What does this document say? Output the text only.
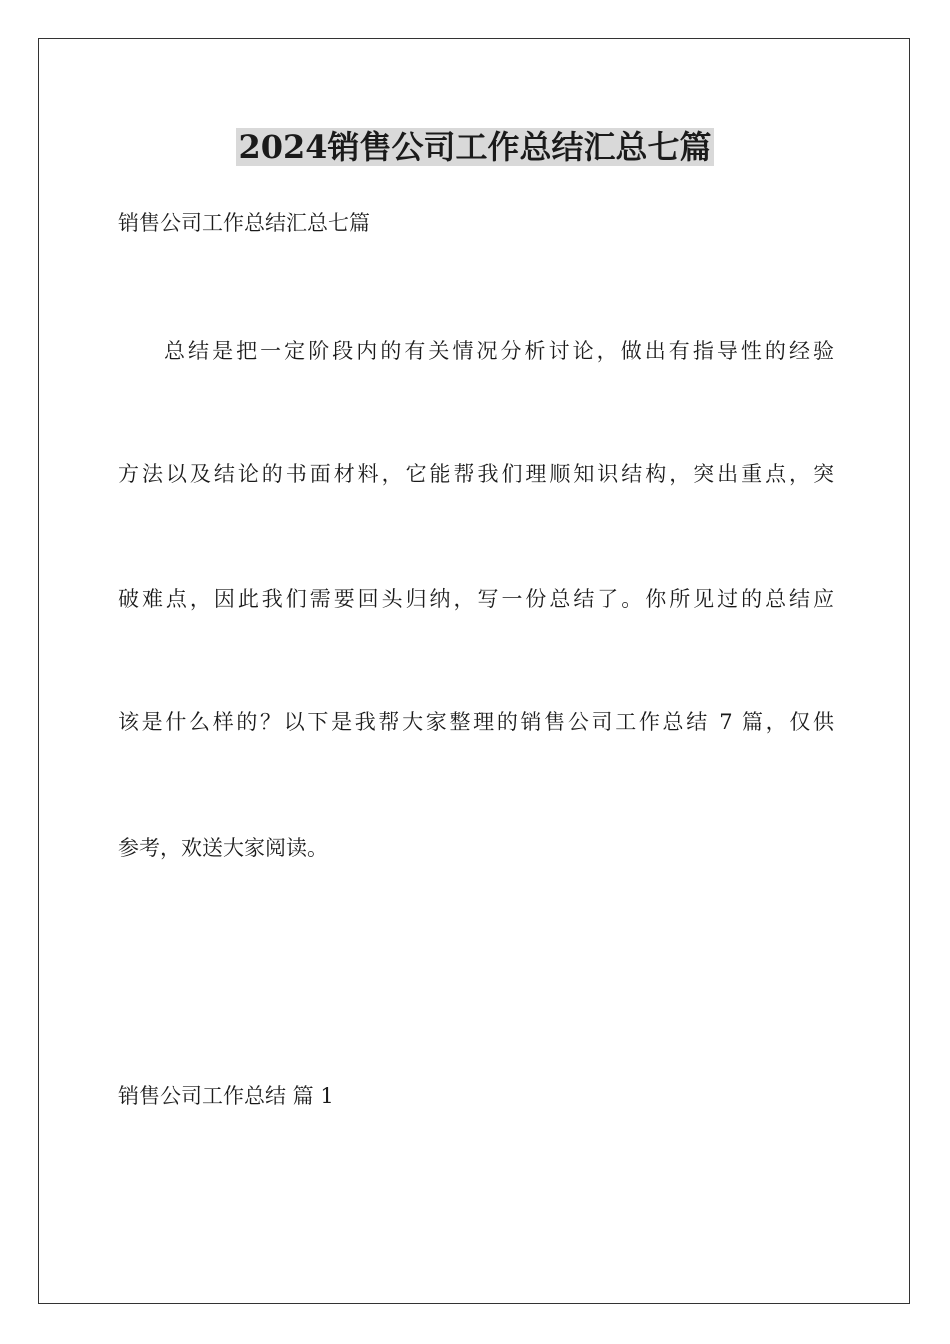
2024销售公司工作总结汇总七篇

销售公司工作总结汇总七篇

总结是把一定阶段内的有关情况分析讨论，做出有指导性的经验

方法以及结论的书面材料，它能帮我们理顺知识结构，突出重点，突

破难点，因此我们需要回头归纳，写一份总结了。你所见过的总结应

该是什么样的？以下是我帮大家整理的销售公司工作总结 7 篇，仅供

参考，欢送大家阅读。

销售公司工作总结 篇 1
